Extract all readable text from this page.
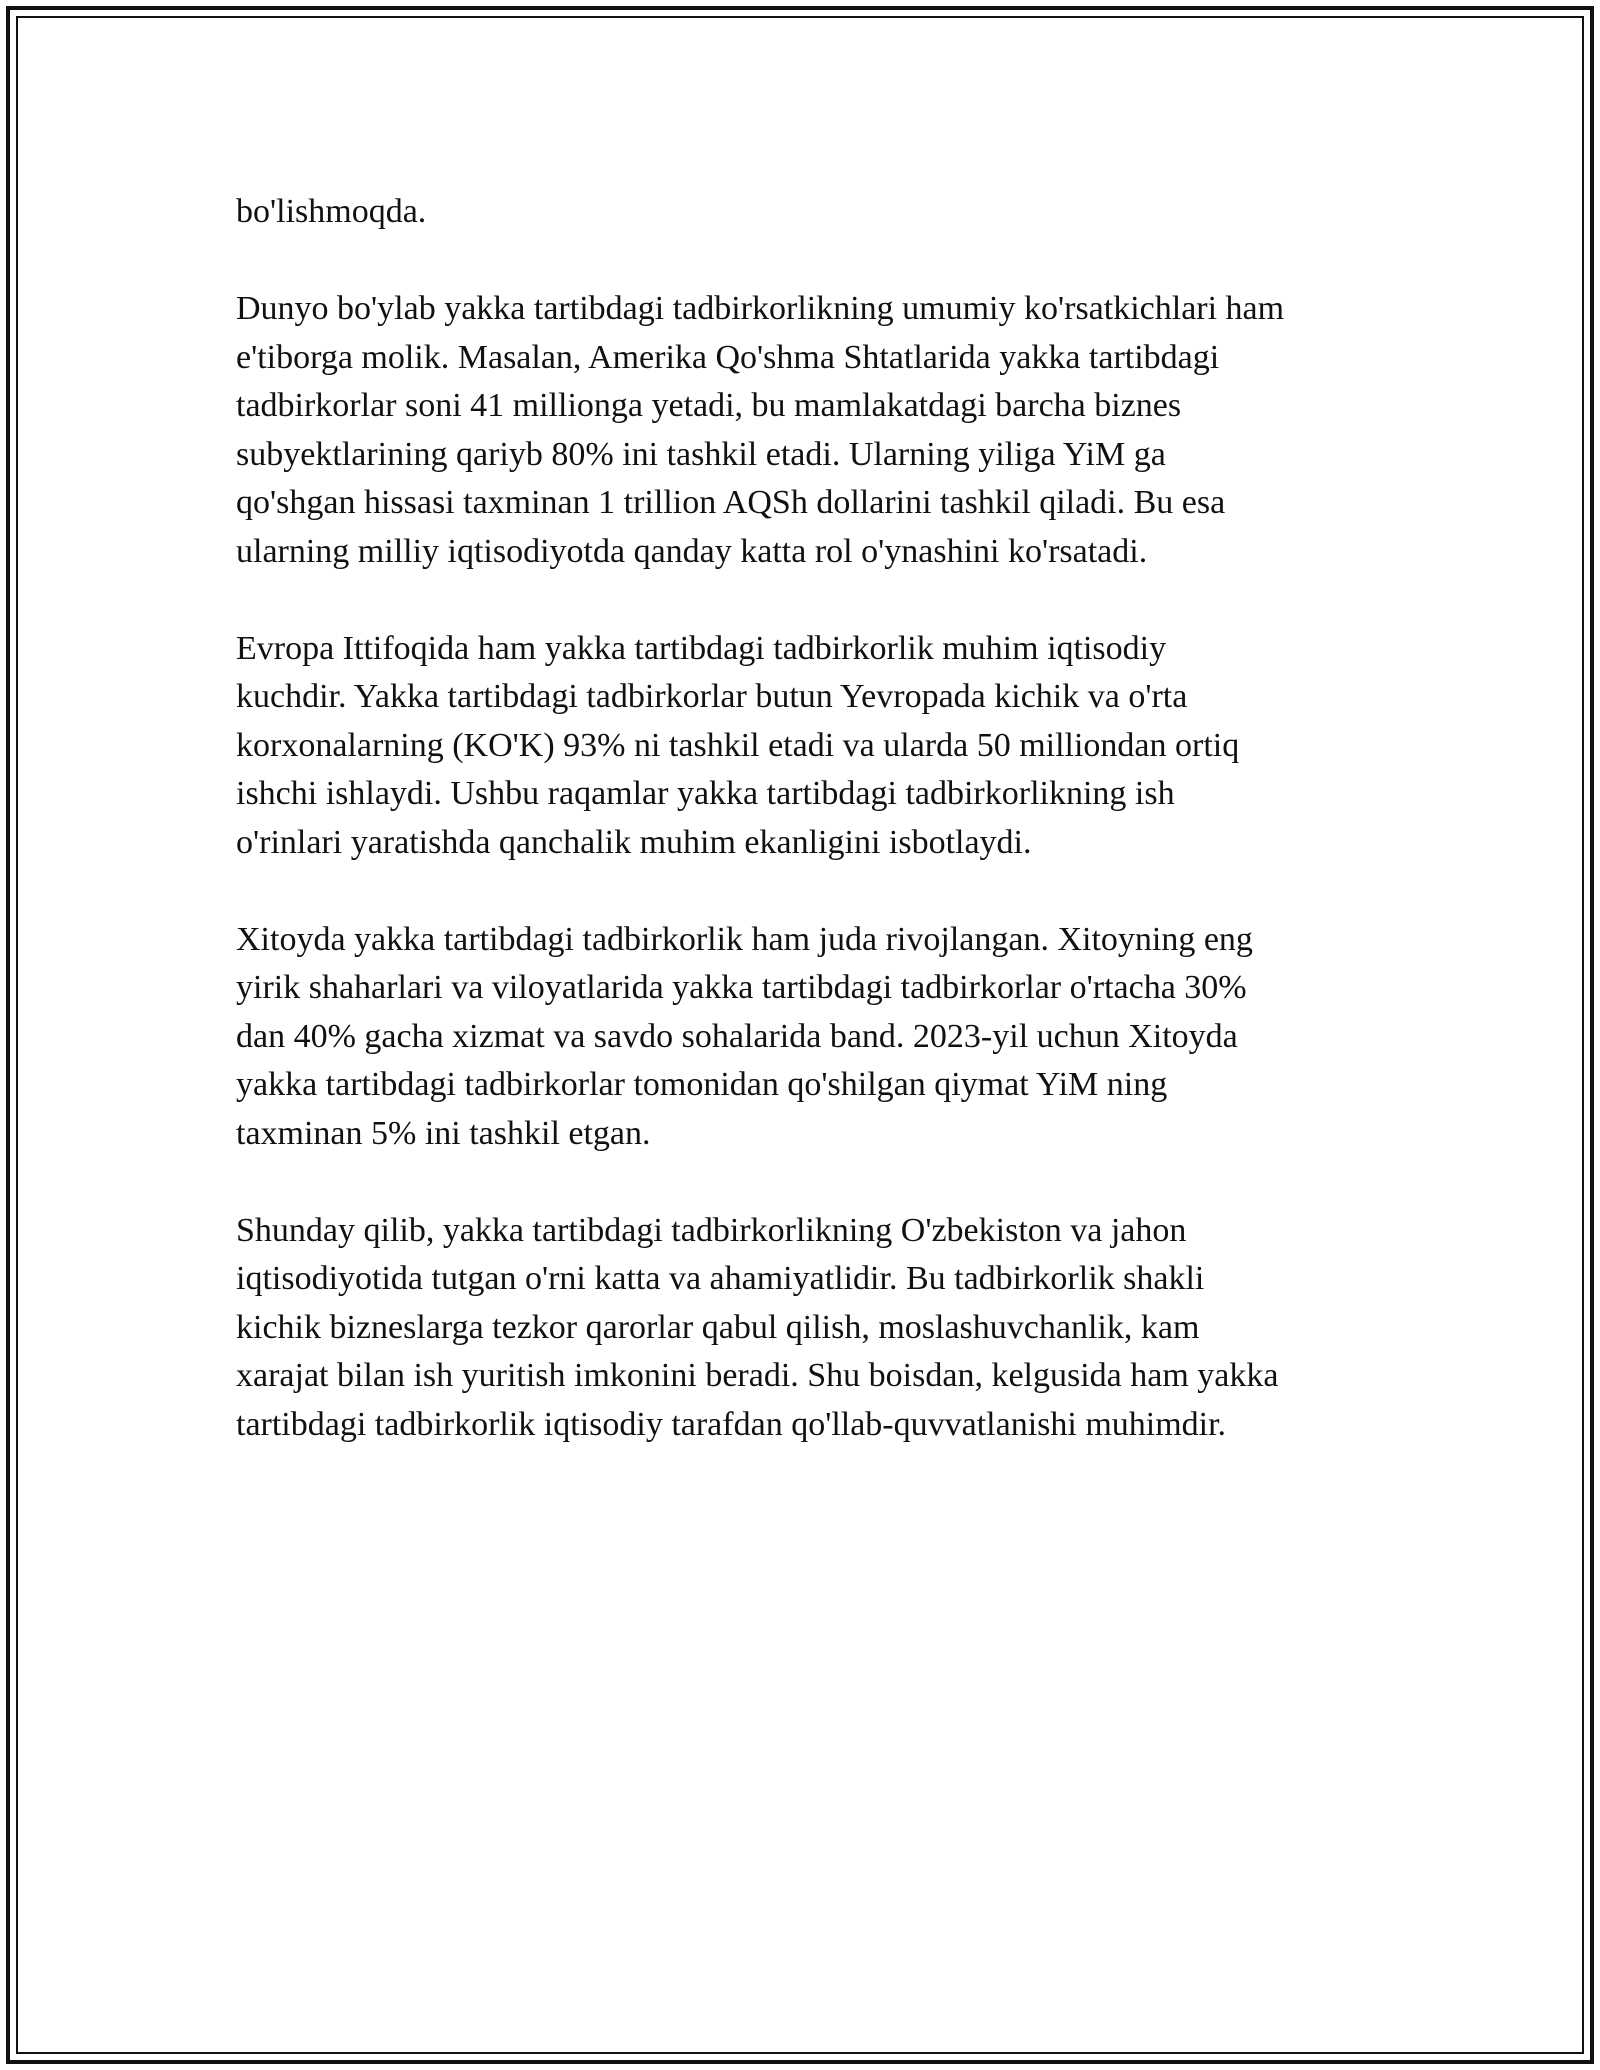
bo'lishmoqda.

Dunyo bo'ylab yakka tartibdagi tadbirkorlikning umumiy ko'rsatkichlari ham
e'tiborga molik. Masalan, Amerika Qo'shma Shtatlarida yakka tartibdagi
tadbirkorlar soni 41 millionga yetadi, bu mamlakatdagi barcha biznes
subyektlarining qariyb 80% ini tashkil etadi. Ularning yiliga YiM ga
qo'shgan hissasi taxminan 1 trillion AQSh dollarini tashkil qiladi. Bu esa
ularning milliy iqtisodiyotda qanday katta rol o'ynashini ko'rsatadi.

Evropa Ittifoqida ham yakka tartibdagi tadbirkorlik muhim iqtisodiy
kuchdir. Yakka tartibdagi tadbirkorlar butun Yevropada kichik va o'rta
korxonalarning (KO'K) 93% ni tashkil etadi va ularda 50 milliondan ortiq
ishchi ishlaydi. Ushbu raqamlar yakka tartibdagi tadbirkorlikning ish
o'rinlari yaratishda qanchalik muhim ekanligini isbotlaydi.

Xitoyda yakka tartibdagi tadbirkorlik ham juda rivojlangan. Xitoyning eng
yirik shaharlari va viloyatlarida yakka tartibdagi tadbirkorlar o'rtacha 30%
dan 40% gacha xizmat va savdo sohalarida band. 2023-yil uchun Xitoyda
yakka tartibdagi tadbirkorlar tomonidan qo'shilgan qiymat YiM ning
taxminan 5% ini tashkil etgan.

Shunday qilib, yakka tartibdagi tadbirkorlikning O'zbekiston va jahon
iqtisodiyotida tutgan o'rni katta va ahamiyatlidir. Bu tadbirkorlik shakli
kichik bizneslarga tezkor qarorlar qabul qilish, moslashuvchanlik, kam
xarajat bilan ish yuritish imkonini beradi. Shu boisdan, kelgusida ham yakka
tartibdagi tadbirkorlik iqtisodiy tarafdan qo'llab-quvvatlanishi muhimdir.
